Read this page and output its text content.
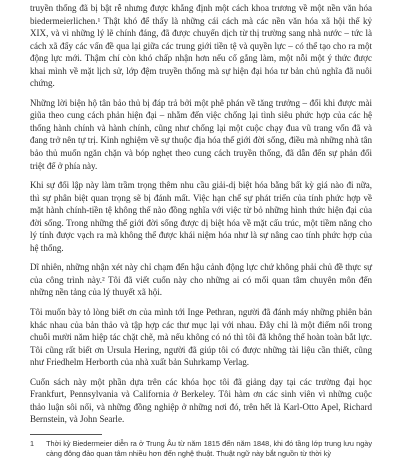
truyền thống đã bị bật rễ nhưng được khẳng định một cách khoa trương về một nền văn hóa biedermeierlichen.¹ Thật khó để thấy là những cái cách mà các nền văn hóa xã hội thế kỷ XIX, và vì những lý lẽ chính đáng, đã được chuyển dịch từ thị trường sang nhà nước – tức là cách xã đẩy các vấn đề qua lại giữa các trung giới tiền tệ và quyền lực – có thể tạo cho ra một động lực mới. Thậm chí còn khó chấp nhận hơn nếu cố gắng làm, một nỗi một ý thức được khai mình về mặt lịch sử, lớp đệm truyền thống mà sự hiện đại hóa tư bản chủ nghĩa đã nuôi chứng.

Những lời biện hộ tân bảo thủ bị đáp trả bởi một phê phán về tăng trưởng – đối khi được mài giũa theo cung cách phản hiện đại – nhằm đến việc chống lại tình siêu phức hợp của các hệ thống hành chính và hành chính, cũng như chống lại một cuộc chạy đua vũ trang vốn đã và đang trở nên tự trị. Kinh nghiệm về sự thuộc địa hóa thế giới đời sống, điều mà những nhà tân bảo thủ muốn ngăn chặn và bóp nghẹt theo cung cách truyền thống, đã dẫn đến sự phản đối triệt để ở phía này.

Khi sự đối lập này làm trầm trọng thêm nhu cầu giải-dị biệt hóa bằng bất kỳ giá nào đi nữa, thì sự phân biệt quan trọng sẽ bị đánh mất. Việc hạn chế sự phát triển của tính phức hợp về mặt hành chính-tiền tệ không thể nào đồng nghĩa với việc từ bỏ những hình thức hiện đại của đời sống. Trong những thế giới đời sống được dị biệt hóa về mặt cấu trúc, một tiềm năng cho lý tính được vạch ra mà không thể được khái niệm hóa như là sự nâng cao tính phức hợp của hệ thống.

Dĩ nhiên, những nhận xét này chỉ chạm đến hậu cảnh động lực chứ không phải chủ đề thực sự của công trình này.² Tôi đã viết cuốn này cho những ai có mối quan tâm chuyên môn đến những nền tảng của lý thuyết xã hội.

Tôi muốn bày tỏ lòng biết ơn của mình tới Inge Pethran, người đã đánh máy những phiên bản khác nhau của bản thảo và tập hợp các thư mục lại với nhau. Đây chỉ là một điểm nổi trong chuỗi mười năm hiệp tác chặt chẽ, mà nếu không có nó thì tôi đã không thể hoàn toàn bắt lực. Tôi cũng rất biết ơn Ursula Hering, người đã giúp tôi có được những tài liệu cần thiết, cũng như Friedhelm Herborth của nhà xuất bản Suhrkamp Verlag.

Cuốn sách này một phần dựa trên các khóa học tôi đã giảng dạy tại các trường đại học Frankfurt, Pennsylvania và California ở Berkeley. Tôi hàm ơn các sinh viên vì những cuộc thảo luận sôi nổi, và những đồng nghiệp ở những nơi đó, trên hết là Karl-Otto Apel, Richard Bernstein, và John Searle.

1 Thời kỳ Biedermeier diễn ra ở Trung Âu từ năm 1815 đến năm 1848, khi đó tầng lớp trung lưu ngày càng đông đảo quan tâm nhiều hơn đến nghệ thuật. Thuật ngữ này bắt nguồn từ thời kỳ
